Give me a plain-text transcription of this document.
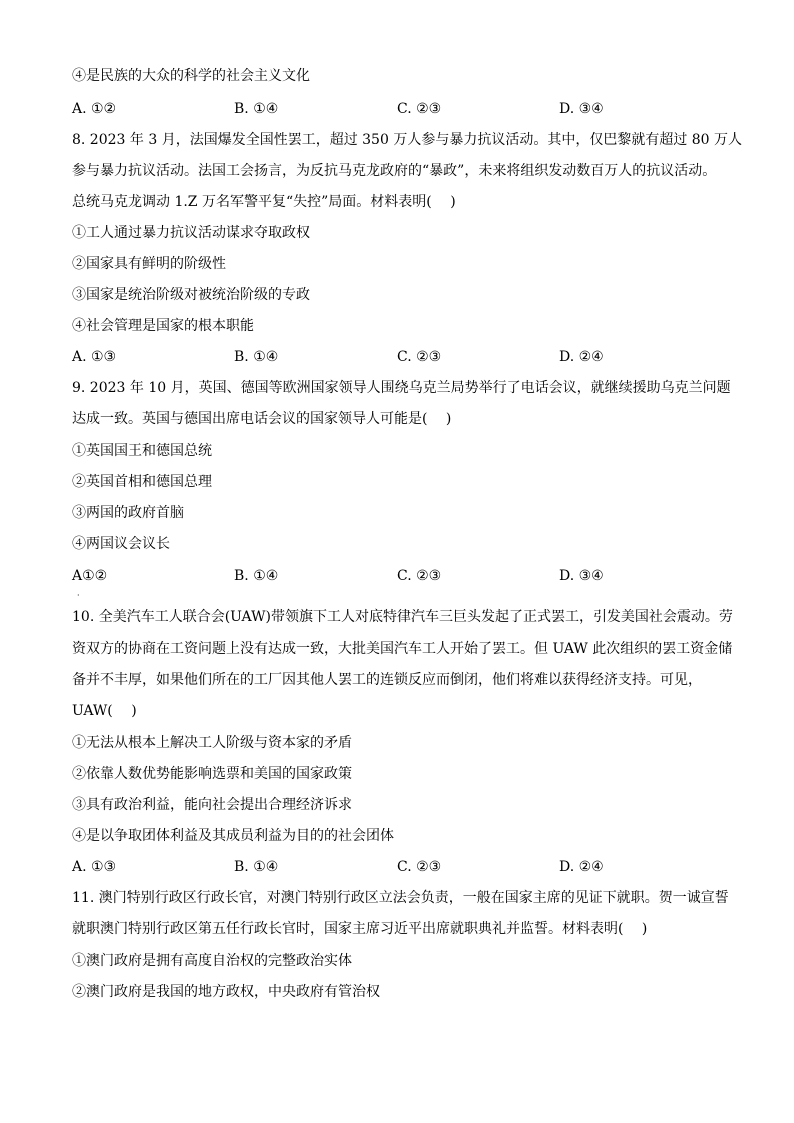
④是民族的大众的科学的社会主义文化
A. ①②	B. ①④	C. ②③	D. ③④
8. 2023 年 3 月，法国爆发全国性罢工，超过 350 万人参与暴力抗议活动。其中，仅巴黎就有超过 80 万人
参与暴力抗议活动。法国工会扬言，为反抗马克龙政府的“暴政”，未来将组织发动数百万人的抗议活动。
总统马克龙调动 1.Z 万名军警平复“失控”局面。材料表明(　 )
①工人通过暴力抗议活动谋求夺取政权
②国家具有鲜明的阶级性
③国家是统治阶级对被统治阶级的专政
④社会管理是国家的根本职能
A. ①③	B. ①④	C. ②③	D. ②④
9. 2023 年 10 月，英国、德国等欧洲国家领导人围绕乌克兰局势举行了电话会议，就继续援助乌克兰问题
达成一致。英国与德国出席电话会议的国家领导人可能是(　 )
①英国国王和德国总统
②英国首相和德国总理
③两国的政府首脑
④两国议会议长
A①②	B. ①④	C. ②③	D. ③④
·
10. 全美汽车工人联合会(UAW)带领旗下工人对底特律汽车三巨头发起了正式罢工，引发美国社会震动。劳
资双方的协商在工资问题上没有达成一致，大批美国汽车工人开始了罢工。但 UAW 此次组织的罢工资金储
备并不丰厚，如果他们所在的工厂因其他人罢工的连锁反应而倒闭，他们将难以获得经济支持。可见，
UAW(　 )
①无法从根本上解决工人阶级与资本家的矛盾
②依靠人数优势能影响选票和美国的国家政策
③具有政治利益，能向社会提出合理经济诉求
④是以争取团体利益及其成员利益为目的的社会团体
A. ①③	B. ①④	C. ②③	D. ②④
11. 澳门特别行政区行政长官，对澳门特别行政区立法会负责，一般在国家主席的见证下就职。贺一诚宣誓
就职澳门特别行政区第五任行政长官时，国家主席习近平出席就职典礼并监誓。材料表明(　 )
①澳门政府是拥有高度自治权的完整政治实体
②澳门政府是我国的地方政权，中央政府有管治权
